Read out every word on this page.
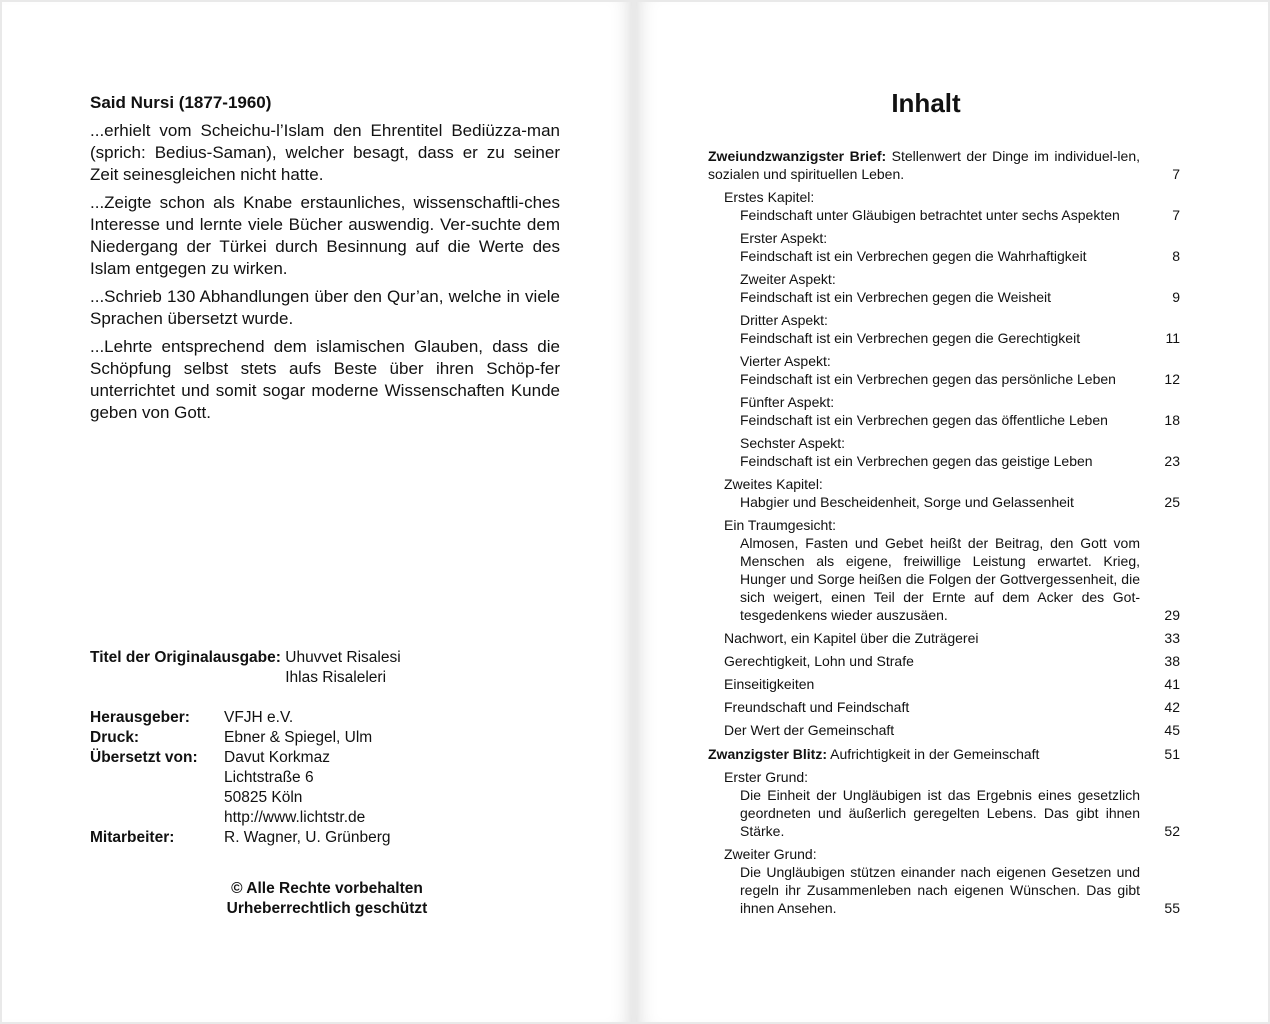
Said Nursi (1877-1960)

...erhielt vom Scheichu-l’Islam den Ehrentitel Bediüzza-man (sprich: Bedius-Saman), welcher besagt, dass er zu seiner Zeit seinesgleichen nicht hatte.

...Zeigte schon als Knabe erstaunliches, wissenschaftli-ches Interesse und lernte viele Bücher auswendig. Ver-suchte dem Niedergang der Türkei durch Besinnung auf die Werte des Islam entgegen zu wirken.

...Schrieb 130 Abhandlungen über den Qur’an, welche in viele Sprachen übersetzt wurde.

...Lehrte entsprechend dem islamischen Glauben, dass die Schöpfung selbst stets aufs Beste über ihren Schöp-fer unterrichtet und somit sogar moderne Wissenschaften Kunde geben von Gott.

Titel der Originalausgabe: Uhuvvet Risalesi
Ihlas Risaleleri
Herausgeber:	VFJH e.V.
Druck:	Ebner & Spiegel, Ulm
Übersetzt von:	Davut Korkmaz
Lichtstraße 6
50825 Köln
http://www.lichtstr.de
Mitarbeiter:	R. Wagner, U. Grünberg
© Alle Rechte vorbehalten
Urheberrechtlich geschützt
Inhalt
Zweiundzwanzigster Brief: Stellenwert der Dinge im individuel-len, sozialen und spirituellen Leben.	7
Erstes Kapitel:
Feindschaft unter Gläubigen betrachtet unter sechs Aspekten	7
Erster Aspekt:
Feindschaft ist ein Verbrechen gegen die Wahrhaftigkeit	8
Zweiter Aspekt:
Feindschaft ist ein Verbrechen gegen die Weisheit	9
Dritter Aspekt:
Feindschaft ist ein Verbrechen gegen die Gerechtigkeit	11
Vierter Aspekt:
Feindschaft ist ein Verbrechen gegen das persönliche Leben	12
Fünfter Aspekt:
Feindschaft ist ein Verbrechen gegen das öffentliche Leben	18
Sechster Aspekt:
Feindschaft ist ein Verbrechen gegen das geistige Leben	23
Zweites Kapitel:
Habgier und Bescheidenheit, Sorge und Gelassenheit	25
Ein Traumgesicht:
Almosen, Fasten und Gebet heißt der Beitrag, den Gott vom Menschen als eigene, freiwillige Leistung erwartet. Krieg, Hunger und Sorge heißen die Folgen der Gottvergessenheit, die sich weigert, einen Teil der Ernte auf dem Acker des Got-tesgedenkens wieder auszusäen.	29
Nachwort, ein Kapitel über die Zuträgerei	33
Gerechtigkeit, Lohn und Strafe	38
Einseitigkeiten	41
Freundschaft und Feindschaft	42
Der Wert der Gemeinschaft	45
Zwanzigster Blitz: Aufrichtigkeit in der Gemeinschaft	51
Erster Grund:
Die Einheit der Ungläubigen ist das Ergebnis eines gesetzlich geordneten und äußerlich geregelten Lebens. Das gibt ihnen Stärke.	52
Zweiter Grund:
Die Ungläubigen stützen einander nach eigenen Gesetzen und regeln ihr Zusammenleben nach eigenen Wünschen. Das gibt ihnen Ansehen.	55
